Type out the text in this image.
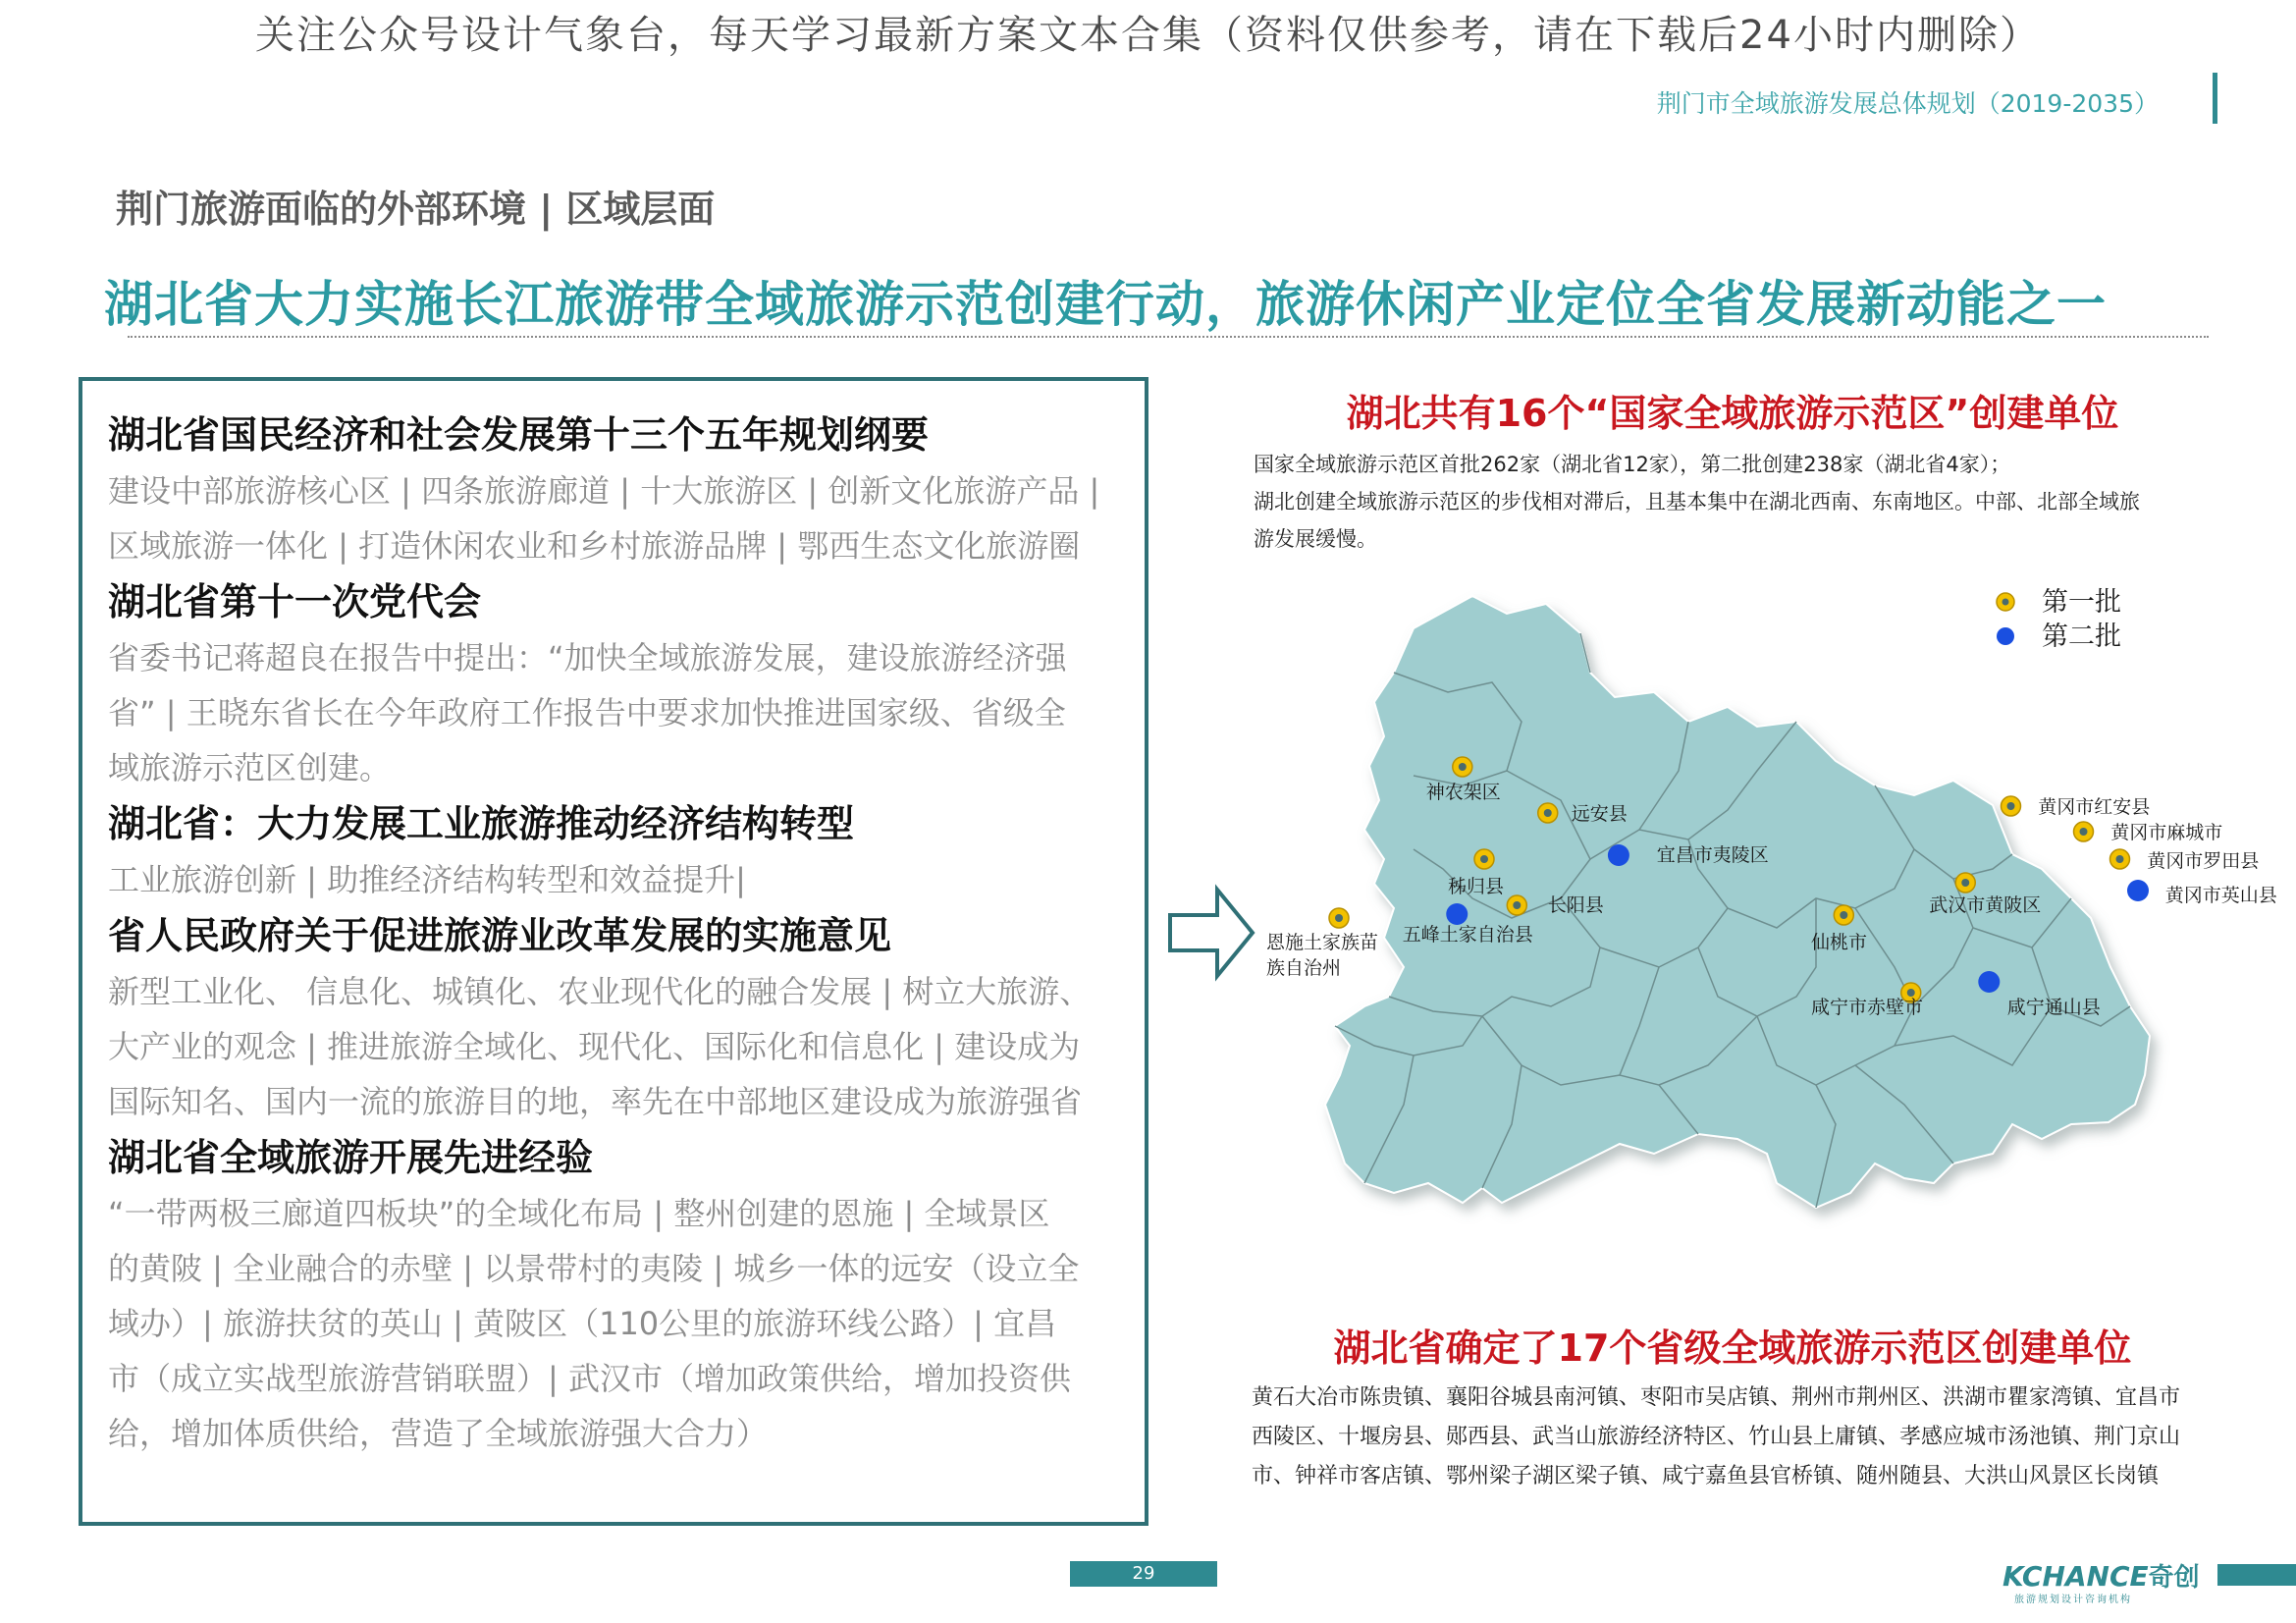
关注公众号设计气象台，每天学习最新方案文本合集（资料仅供参考，请在下载后24小时内删除）
荆门市全域旅游发展总体规划（2019-2035）
荆门旅游面临的外部环境 | 区域层面
湖北省大力实施长江旅游带全域旅游示范创建行动，旅游休闲产业定位全省发展新动能之一
湖北省国民经济和社会发展第十三个五年规划纲要
建设中部旅游核心区 | 四条旅游廊道 | 十大旅游区 | 创新文化旅游产品 |
区域旅游一体化 | 打造休闲农业和乡村旅游品牌 | 鄂西生态文化旅游圈
湖北省第十一次党代会
省委书记蒋超良在报告中提出：“加快全域旅游发展，建设旅游经济强
省” | 王晓东省长在今年政府工作报告中要求加快推进国家级、省级全
域旅游示范区创建。
湖北省：大力发展工业旅游推动经济结构转型
工业旅游创新 | 助推经济结构转型和效益提升|
省人民政府关于促进旅游业改革发展的实施意见
新型工业化、 信息化、城镇化、农业现代化的融合发展 | 树立大旅游、
大产业的观念 | 推进旅游全域化、现代化、国际化和信息化 | 建设成为
国际知名、国内一流的旅游目的地，率先在中部地区建设成为旅游强省
湖北省全域旅游开展先进经验
“一带两极三廊道四板块”的全域化布局 | 整州创建的恩施 | 全域景区
的黄陂 | 全业融合的赤壁 | 以景带村的夷陵 | 城乡一体的远安（设立全
域办）| 旅游扶贫的英山 | 黄陂区（110公里的旅游环线公路）| 宜昌
市（成立实战型旅游营销联盟）| 武汉市（增加政策供给，增加投资供
给，增加体质供给，营造了全域旅游强大合力）
湖北共有16个“国家全域旅游示范区”创建单位
国家全域旅游示范区首批262家（湖北省12家），第二批创建238家（湖北省4家）；
湖北创建全域旅游示范区的步伐相对滞后，且基本集中在湖北西南、东南地区。中部、北部全域旅
游发展缓慢。
神农架区
远安县
宜昌市夷陵区
秭归县
长阳县
五峰土家自治县
恩施土家族苗
族自治州
仙桃市
武汉市黄陂区
黄冈市红安县
黄冈市麻城市
黄冈市罗田县
黄冈市英山县
咸宁市赤壁市	咸宁通山县
第一批
第二批
湖北省确定了17个省级全域旅游示范区创建单位
黄石大冶市陈贵镇、襄阳谷城县南河镇、枣阳市吴店镇、荆州市荆州区、洪湖市瞿家湾镇、宜昌市
西陵区、十堰房县、郧西县、武当山旅游经济特区、竹山县上庸镇、孝感应城市汤池镇、荆门京山
市、钟祥市客店镇、鄂州梁子湖区梁子镇、咸宁嘉鱼县官桥镇、随州随县、大洪山风景区长岗镇
29	KCHANCE奇创
旅游规划设计咨询机构
